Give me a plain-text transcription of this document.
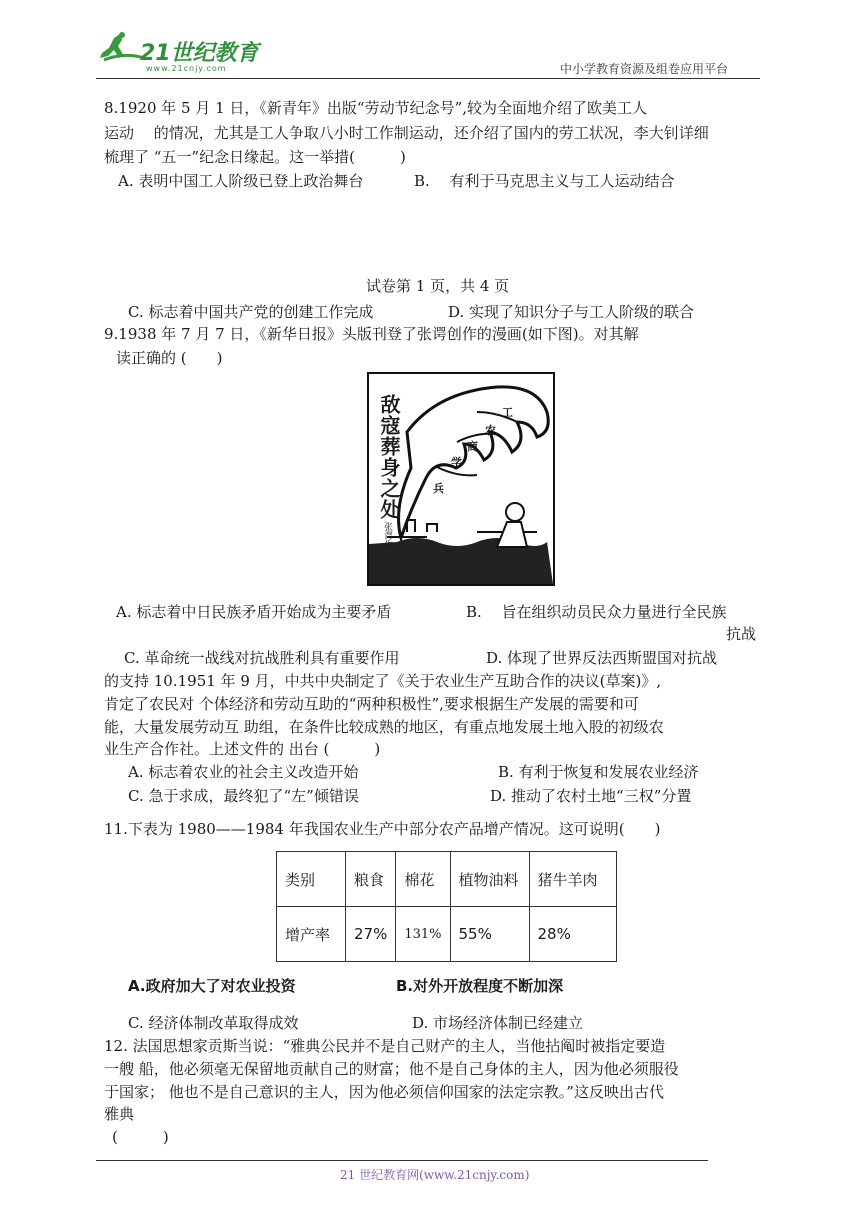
21世纪教育
www.21cnjy.com	中小学教育资源及组卷应用平台
8.1920 年 5 月 1 日，《新青年》出版“劳动节纪念号”,较为全面地介绍了欧美工人
运动 　的情况，尤其是工人争取八小时工作制运动，还介绍了国内的劳工状况，李大钊详细
梳理了 “五一”纪念日缘起。这一举措(　　　)
A. 表明中国工人阶级已登上政治舞台	B. 　有利于马克思主义与工人运动结合
试卷第 1 页，共 4 页
C. 标志着中国共产党的创建工作完成	D. 实现了知识分子与工人阶级的联合
9.1938 年 7 月 7 日，《新华日报》头版刊登了张谔创作的漫画(如下图)。对其解
读正确的 (　　)
敌寇葬身之处
张谔作
工
农
商
学
兵
A. 标志着中日民族矛盾开始成为主要矛盾	B. 　旨在组织动员民众力量进行全民族
抗战
C. 革命统一战线对抗战胜利具有重要作用	D. 体现了世界反法西斯盟国对抗战
的支持 10.1951 年 9 月，中共中央制定了《关于农业生产互助合作的决议(草案)》,
肯定了农民对 个体经济和劳动互助的“两种积极性”,要求根据生产发展的需要和可
能，大量发展劳动互 助组，在条件比较成熟的地区，有重点地发展土地入股的初级农
业生产合作社。上述文件的 出台 (　　　)
A. 标志着农业的社会主义改造开始	B. 有利于恢复和发展农业经济
C. 急于求成，最终犯了“左”倾错误	D. 推动了农村土地“三权”分置
11.下表为 1980——1984 年我国农业生产中部分农产品增产情况。这可说明(　　)
类别	粮食	棉花	植物油料	猪牛羊肉
增产率	27%	131%	55%	28%
A.政府加大了对农业投资	B.对外开放程度不断加深
C. 经济体制改革取得成效	D. 市场经济体制已经建立
12. 法国思想家贡斯当说：“雅典公民并不是自己财产的主人，当他拈阄时被指定要造
一艘 船，他必须毫无保留地贡献自己的财富；他不是自己身体的主人，因为他必须服役
于国家； 他也不是自己意识的主人，因为他必须信仰国家的法定宗教。”这反映出古代
雅典
(　　　)
21 世纪教育网(www.21cnjy.com)
